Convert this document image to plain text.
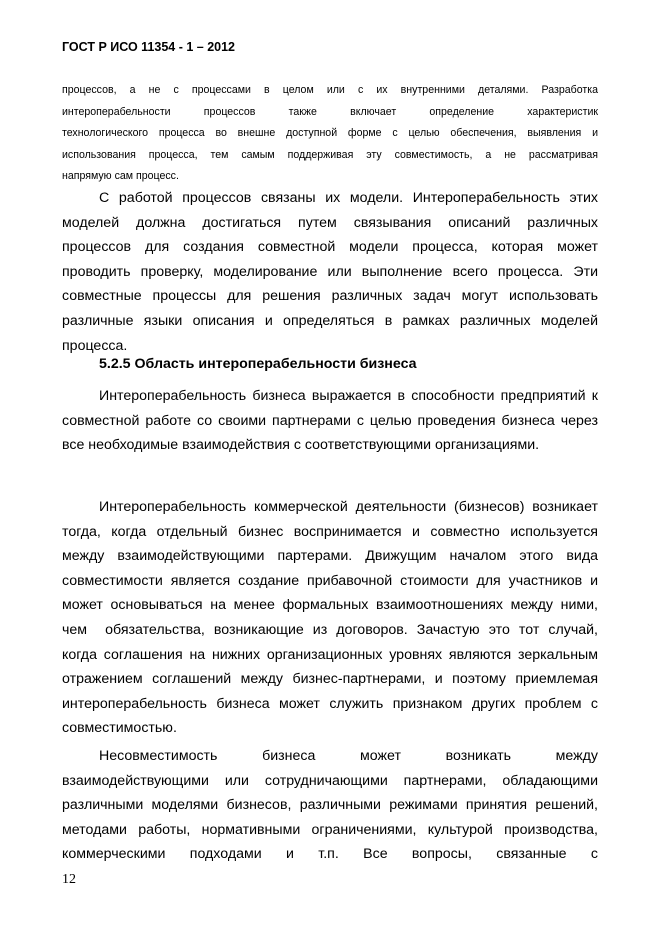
ГОСТ Р ИСО 11354 - 1 – 2012
процессов, а не с процессами в целом или с их внутренними деталями. Разработка
интероперабельности процессов также включает определение характеристик
технологического процесса во внешне доступной форме с целью обеспечения, выявления и
использования процесса, тем самым поддерживая эту совместимость, а не рассматривая
напрямую сам процесс.
С работой процессов связаны их модели. Интероперабельность этих
моделей должна достигаться путем связывания описаний различных
процессов для создания совместной модели процесса, которая может
проводить проверку, моделирование или выполнение всего процесса. Эти
совместные процессы для решения различных задач могут использовать
различные языки описания и определяться в рамках различных моделей
процесса.
5.2.5 Область интероперабельности бизнеса
Интероперабельность бизнеса выражается в способности предприятий к
совместной работе со своими партнерами с целью проведения бизнеса через
все необходимые взаимодействия с соответствующими организациями.
Интероперабельность коммерческой деятельности (бизнесов) возникает
тогда, когда отдельный бизнес воспринимается и совместно используется
между взаимодействующими партерами. Движущим началом этого вида
совместимости является создание прибавочной стоимости для участников и
может основываться на менее формальных взаимоотношениях между ними,
чем  обязательства, возникающие из договоров. Зачастую это тот случай,
когда соглашения на нижних организационных уровнях являются зеркальным
отражением соглашений между бизнес-партнерами, и поэтому приемлемая
интероперабельность бизнеса может служить признаком других проблем с
совместимостью.
Несовместимость бизнеса может возникать между
взаимодействующими или сотрудничающими партнерами, обладающими
различными моделями бизнесов, различными режимами принятия решений,
методами работы, нормативными ограничениями, культурой производства,
коммерческими подходами и т.п. Все вопросы, связанные с
12
